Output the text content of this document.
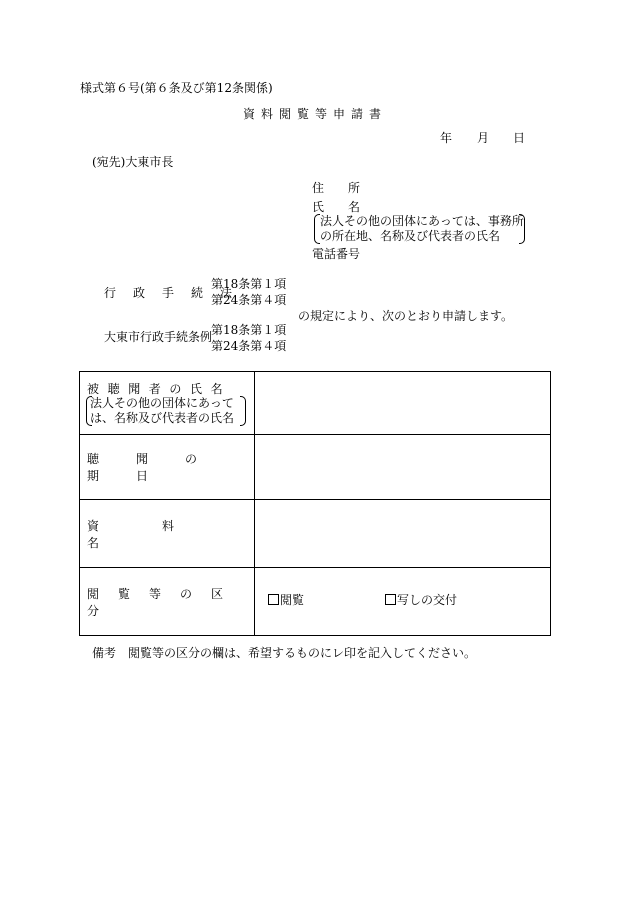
様式第６号(第６条及び第12条関係)
資料閲覧等申請書
年 月 日
(宛先)大東市長
住所
氏名
法人その他の団体にあっては、事務所
の所在地、名称及び代表者の氏名
電話番号
行政手続法
第18条第１項
第24条第４項
の規定により、次のとおり申請します。
大東市行政手続条例
第18条第１項
第24条第４項
被聴聞者の氏名
法人その他の団体にあって
は、名称及び代表者の氏名	

聴聞の期日	

資料名	

閲覧等の区分	閲覧 写しの交付
備考　閲覧等の区分の欄は、希望するものにレ印を記入してください。
